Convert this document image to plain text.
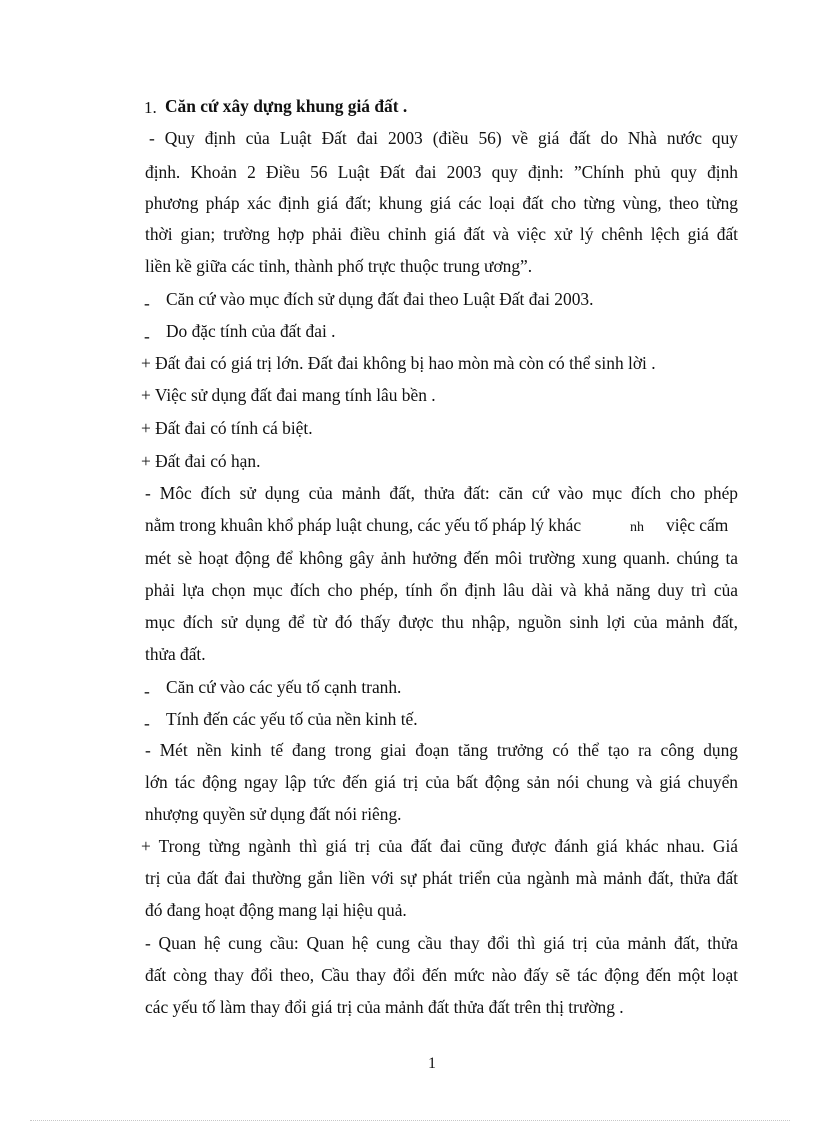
1. Căn cứ xây dựng khung giá đất .
- Quy định của Luật Đất đai 2003 (điều 56) về giá đất do Nhà nước quy
định. Khoản 2 Điều 56 Luật Đất đai 2003 quy định: ”Chính phủ quy định
phương pháp xác định giá đất; khung giá các loại đất cho từng vùng, theo từng
thời gian; trường hợp phải điều chỉnh giá đất và việc xử lý chênh lệch giá đất
liền kề giữa các tỉnh, thành phố trực thuộc trung ương”.
- Căn cứ vào mục đích sử dụng đất đai theo Luật Đất đai 2003.
- Do đặc tính của đất đai .
+ Đất đai có giá trị lớn. Đất đai không bị hao mòn mà còn có thể sinh lời .
+ Việc sử dụng đất đai mang tính lâu bền .
+ Đất đai có tính cá biệt.
+ Đất đai có hạn.
- Môc đích sử dụng của mảnh đất, thửa đất: căn cứ vào mục đích cho phép
nằm trong khuân khổ pháp luật chung, các yếu tố pháp lý khác	nh việc cấm
mét sè hoạt động để không gây ảnh hưởng đến môi trường xung quanh. chúng ta
phải lựa chọn mục đích cho phép, tính ổn định lâu dài và khả năng duy trì của
mục đích sử dụng để từ đó thấy được thu nhập, nguồn sinh lợi của mảnh đất,
thửa đất.
- Căn cứ vào các yếu tố cạnh tranh.
- Tính đến các yếu tố của nền kinh tế.
- Mét nền kinh tế đang trong giai đoạn tăng trưởng có thể tạo ra công dụng
lớn tác động ngay lập tức đến giá trị của bất động sản nói chung và giá chuyển
nhượng quyền sử dụng đất nói riêng.
+ Trong từng ngành thì giá trị của đất đai cũng được đánh giá khác nhau. Giá
trị của đất đai thường gắn liền với sự phát triển của ngành mà mảnh đất, thửa đất
đó đang hoạt động mang lại hiệu quả.
- Quan hệ cung cầu: Quan hệ cung cầu thay đổi thì giá trị của mảnh đất, thửa
đất còng thay đổi theo, Cầu thay đổi đến mức nào đấy sẽ tác động đến một loạt
các yếu tố làm thay đổi giá trị của mảnh đất thửa đất trên thị trường .
1
